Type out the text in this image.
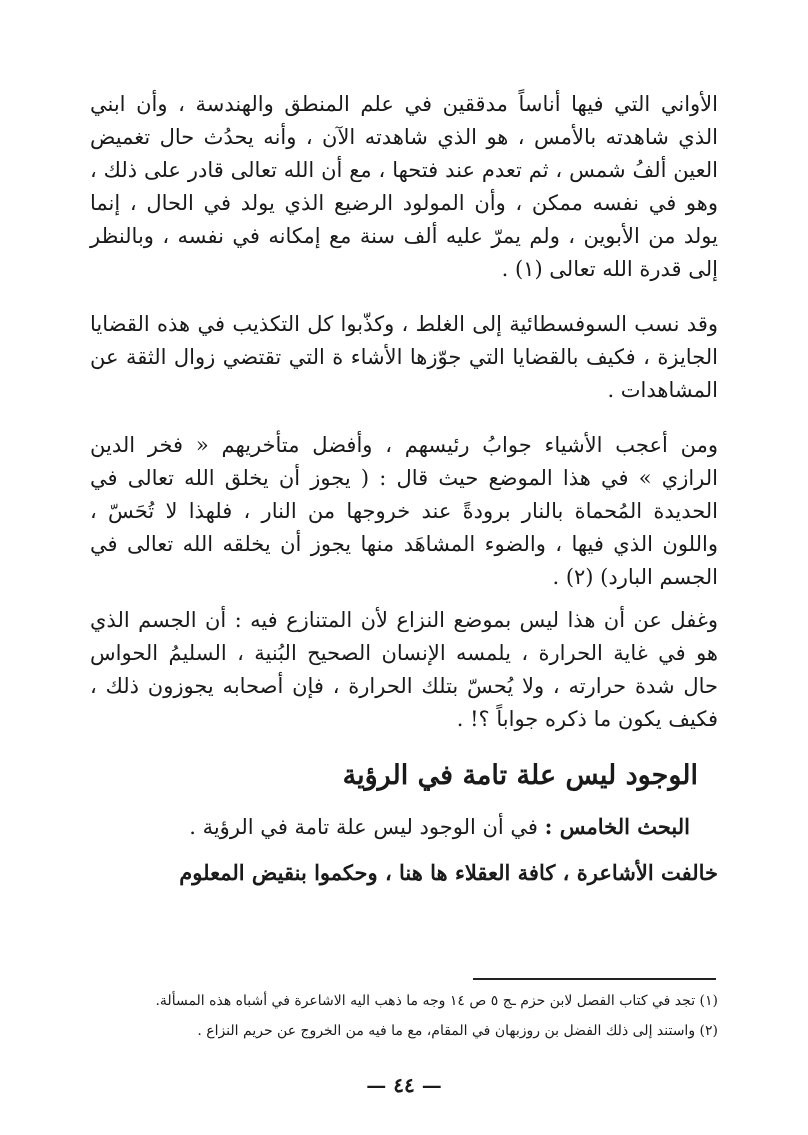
الأواني التي فيها أناساً مدققين في علم المنطق والهندسة ، وأن ابني الذي شاهدته بالأمس ، هو الذي شاهدته الآن ، وأنه يحدُث حال تغميض العين ألفُ شمس ، ثم تعدم عند فتحها ، مع أن الله تعالى قادر على ذلك ، وهو في نفسه ممكن ، وأن المولود الرضيع الذي يولد في الحال ، إنما يولد من الأبوين ، ولم يمرّ عليه ألف سنة مع إمكانه في نفسه ، وبالنظر إلى قدرة الله تعالى (١) .

وقد نسب السوفسطائية إلى الغلط ، وكذّبوا كل التكذيب في هذه القضايا الجايزة ، فكيف بالقضايا التي جوّزها الأشاء ة التي تقتضي زوال الثقة عن المشاهدات .

ومن أعجب الأشياء جوابُ رئيسهم ، وأفضل متأخريهم « فخر الدين الرازي » في هذا الموضع حيث قال : ( يجوز أن يخلق الله تعالى في الحديدة المُحماة بالنار برودةً عند خروجها من النار ، فلهذا لا تُحَسّ ، واللون الذي فيها ، والضوء المشاهَد منها يجوز أن يخلقه الله تعالى في الجسم البارد) (٢) .

وغفل عن أن هذا ليس بموضع النزاع لأن المتنازع فيه : أن الجسم الذي هو في غاية الحرارة ، يلمسه الإنسان الصحيح البُنية ، السليمُ الحواس حال شدة حرارته ، ولا يُحسّ بتلك الحرارة ، فإن أصحابه يجوزون ذلك ، فكيف يكون ما ذكره جواباً ؟! .

الوجود ليس علة تامة في الرؤية

البحث الخامس : في أن الوجود ليس علة تامة في الرؤية .

خالفت الأشاعرة ، كافة العقلاء ها هنا ، وحكموا بنقيض المعلوم

(١) تجد في كتاب الفصل لابن حزم ـج ٥ ص ١٤ وجه ما ذهب اليه الاشاعرة في أشباه هذه المسألة.

(٢) واستند إلى ذلك الفضل بن روزبهان في المقام، مع ما فيه من الخروج عن حريم النزاع .

— ٤٤ —
